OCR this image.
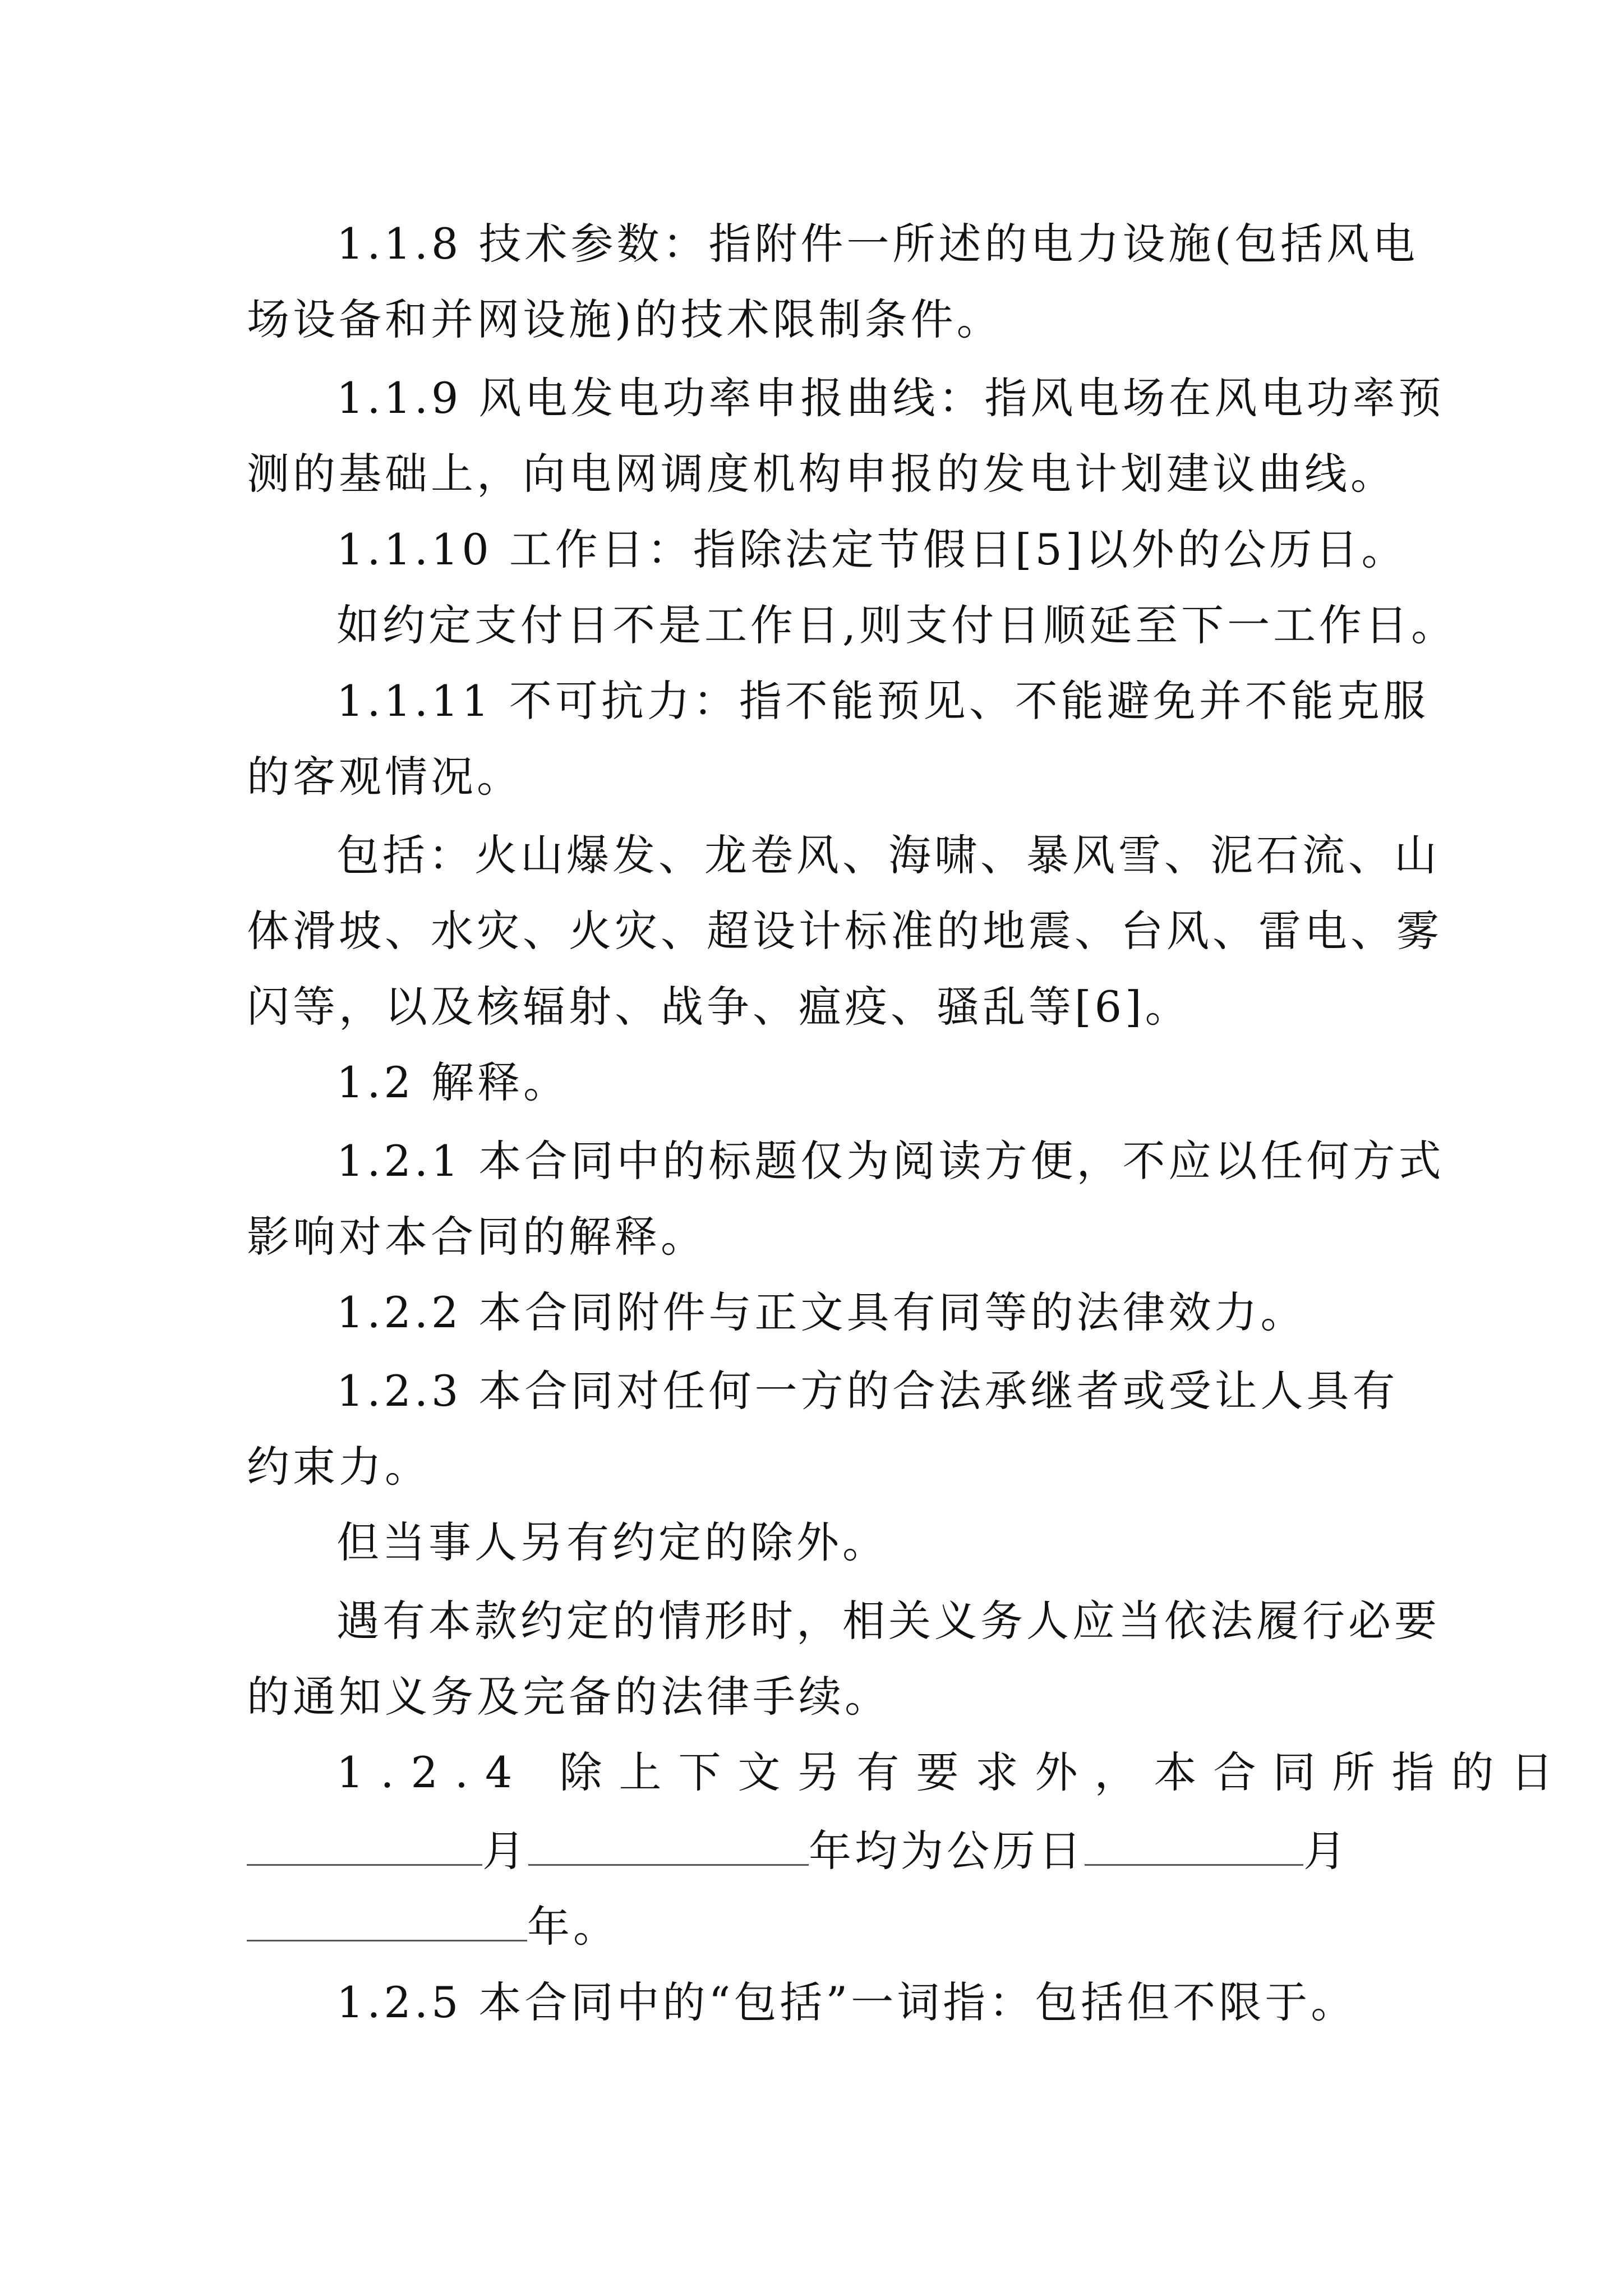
1.1.8 技术参数：指附件一所述的电力设施(包括风电
场设备和并网设施)的技术限制条件。
1.1.9 风电发电功率申报曲线：指风电场在风电功率预
测的基础上，向电网调度机构申报的发电计划建议曲线。
1.1.10 工作日：指除法定节假日[5]以外的公历日。
如约定支付日不是工作日,则支付日顺延至下一工作日。
1.1.11 不可抗力：指不能预见、不能避免并不能克服
的客观情况。
包括：火山爆发、龙卷风、海啸、暴风雪、泥石流、山
体滑坡、水灾、火灾、超设计标准的地震、台风、雷电、雾
闪等，以及核辐射、战争、瘟疫、骚乱等[6]。
1.2 解释。
1.2.1 本合同中的标题仅为阅读方便，不应以任何方式
影响对本合同的解释。
1.2.2 本合同附件与正文具有同等的法律效力。
1.2.3 本合同对任何一方的合法承继者或受让人具有
约束力。
但当事人另有约定的除外。
遇有本款约定的情形时，相关义务人应当依法履行必要
的通知义务及完备的法律手续。
1.2.4 除上下文另有要求外，本合同所指的日
月	年均为公历日	月
年。
1.2.5 本合同中的“包括”一词指：包括但不限于。
